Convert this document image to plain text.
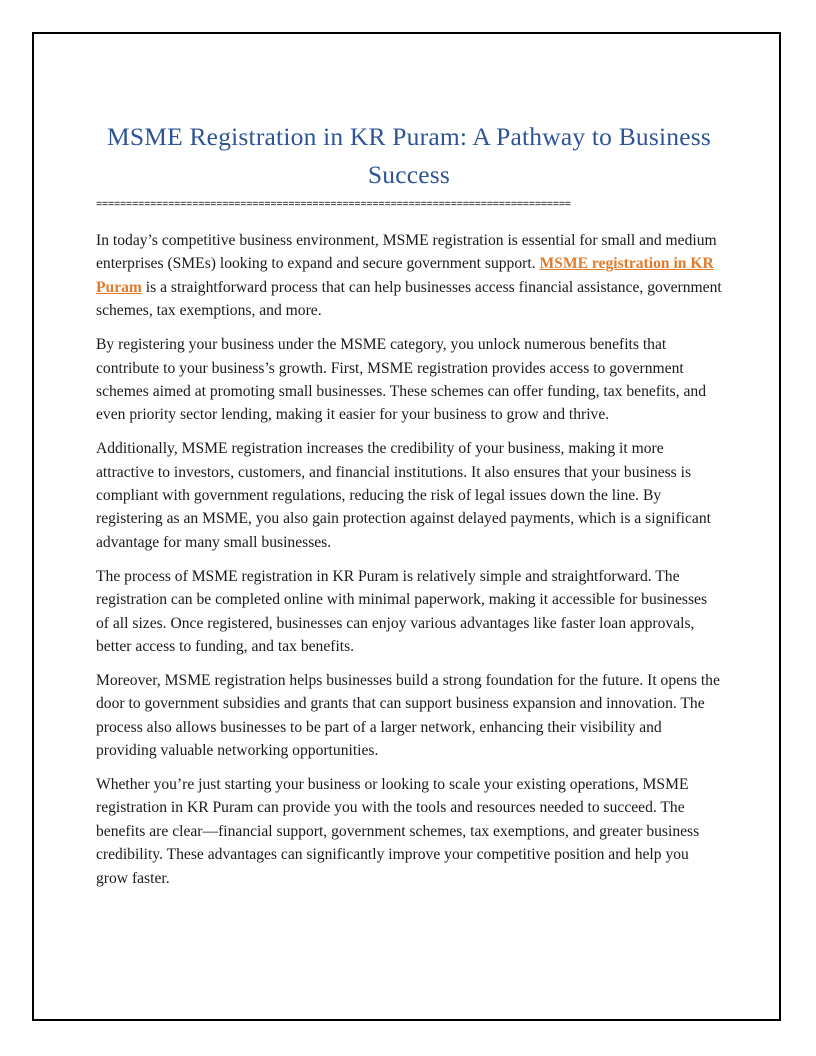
MSME Registration in KR Puram: A Pathway to Business Success
===============================================================================

In today’s competitive business environment, MSME registration is essential for small and medium enterprises (SMEs) looking to expand and secure government support. MSME registration in KR Puram is a straightforward process that can help businesses access financial assistance, government schemes, tax exemptions, and more.

By registering your business under the MSME category, you unlock numerous benefits that contribute to your business’s growth. First, MSME registration provides access to government schemes aimed at promoting small businesses. These schemes can offer funding, tax benefits, and even priority sector lending, making it easier for your business to grow and thrive.

Additionally, MSME registration increases the credibility of your business, making it more attractive to investors, customers, and financial institutions. It also ensures that your business is compliant with government regulations, reducing the risk of legal issues down the line. By registering as an MSME, you also gain protection against delayed payments, which is a significant advantage for many small businesses.

The process of MSME registration in KR Puram is relatively simple and straightforward. The registration can be completed online with minimal paperwork, making it accessible for businesses of all sizes. Once registered, businesses can enjoy various advantages like faster loan approvals, better access to funding, and tax benefits.

Moreover, MSME registration helps businesses build a strong foundation for the future. It opens the door to government subsidies and grants that can support business expansion and innovation. The process also allows businesses to be part of a larger network, enhancing their visibility and providing valuable networking opportunities.

Whether you’re just starting your business or looking to scale your existing operations, MSME registration in KR Puram can provide you with the tools and resources needed to succeed. The benefits are clear—financial support, government schemes, tax exemptions, and greater business credibility. These advantages can significantly improve your competitive position and help you grow faster.
